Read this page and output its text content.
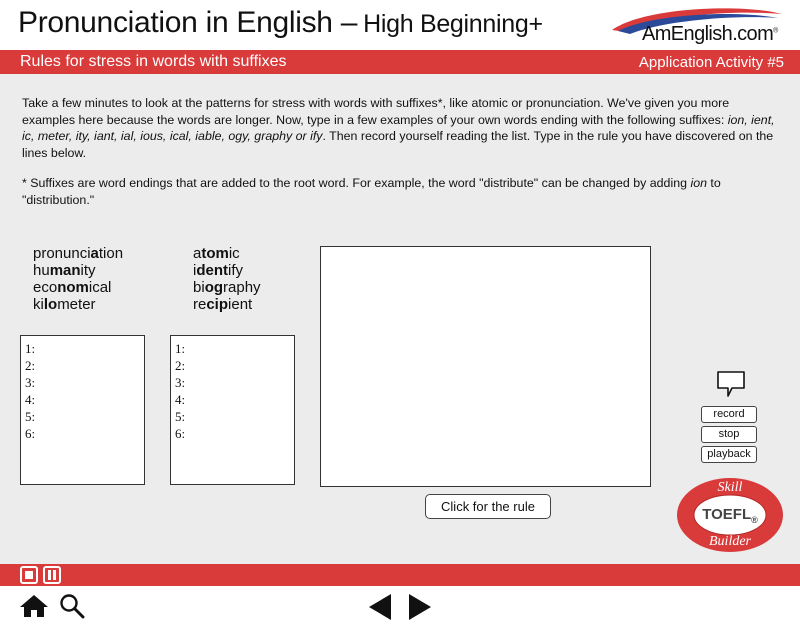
Pronunciation in English – High Beginning+	AmEnglish.com®
Rules for stress in words with suffixes	Application Activity #5

Take a few minutes to look at the patterns for stress with words with suffixes*, like atomic or pronunciation. We've given you more examples here because the words are longer. Now, type in a few examples of your own words ending with the following suffixes: ion, ient, ic, meter, ity, iant, ial, ious, ical, iable, ogy, graphy or ify. Then record yourself reading the list. Type in the rule you have discovered on the lines below.

* Suffixes are word endings that are added to the root word. For example, the word "distribute" can be changed by adding ion to "distribution."

pronunciation
humanity
economical
kilometer
atomic
identify
biography
recipient
1:
2:
3:
4:
5:
6:
1:
2:
3:
4:
5:
6:
Click for the rule
record
stop
playback
Skill
$TOEFL_®$
Builder
